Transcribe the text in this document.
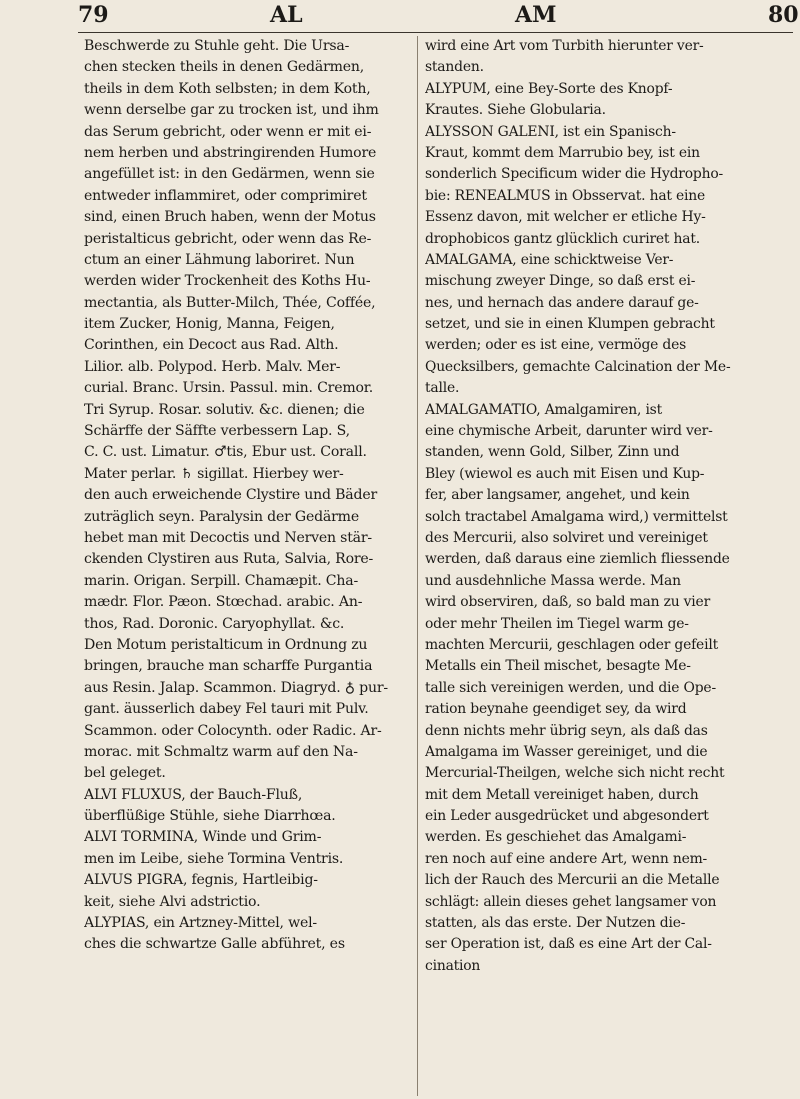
79	AL	AM	80
Beschwerde zu Stuhle geht. Die Ursa-
chen stecken theils in denen Gedärmen,
theils in dem Koth selbsten; in dem Koth,
wenn derselbe gar zu trocken ist, und ihm
das Serum gebricht, oder wenn er mit ei-
nem herben und abstringirenden Humore
angefüllet ist: in den Gedärmen, wenn sie
entweder inflammiret, oder comprimiret
sind, einen Bruch haben, wenn der Motus
peristalticus gebricht, oder wenn das Re-
ctum an einer Lähmung laboriret. Nun
werden wider Trockenheit des Koths Hu-
mectantia, als Butter-Milch, Thée, Coffée,
item Zucker, Honig, Manna, Feigen,
Corinthen, ein Decoct aus Rad. Alth.
Lilior. alb. Polypod. Herb. Malv. Mer-
curial. Branc. Ursin. Passul. min. Cremor.
Tri Syrup. Rosar. solutiv. &c. dienen; die
Schärffe der Säffte verbessern Lap. S,
C. C. ust. Limatur. ♂tis, Ebur ust. Corall.
Mater perlar. ♄ sigillat. Hierbey wer-
den auch erweichende Clystire und Bäder
zuträglich seyn. Paralysin der Gedärme
hebet man mit Decoctis und Nerven stär-
ckenden Clystiren aus Ruta, Salvia, Rore-
marin. Origan. Serpill. Chamæpit. Cha-
mædr. Flor. Pæon. Stœchad. arabic. An-
thos, Rad. Doronic. Caryophyllat. &c.
Den Motum peristalticum in Ordnung zu
bringen, brauche man scharffe Purgantia
aus Resin. Jalap. Scammon. Diagryd. ♁ pur-
gant. äusserlich dabey Fel tauri mit Pulv.
Scammon. oder Colocynth. oder Radic. Ar-
morac. mit Schmaltz warm auf den Na-
bel geleget.
ALVI FLUXUS, der Bauch-Fluß,
überflüßige Stühle, siehe Diarrhœa.
ALVI TORMINA, Winde und Grim-
men im Leibe, siehe Tormina Ventris.
ALVUS PIGRA, fegnis, Hartleibig-
keit, siehe Alvi adstrictio.
ALYPIAS, ein Artzney-Mittel, wel-
ches die schwartze Galle abführet, es
wird eine Art vom Turbith hierunter ver-
standen.
ALYPUM, eine Bey-Sorte des Knopf-
Krautes. Siehe Globularia.
ALYSSON GALENI, ist ein Spanisch-
Kraut, kommt dem Marrubio bey, ist ein
sonderlich Specificum wider die Hydropho-
bie: RENEALMUS in Obsservat. hat eine
Essenz davon, mit welcher er etliche Hy-
drophobicos gantz glücklich curiret hat.
AMALGAMA, eine schicktweise Ver-
mischung zweyer Dinge, so daß erst ei-
nes, und hernach das andere darauf ge-
setzet, und sie in einen Klumpen gebracht
werden; oder es ist eine, vermöge des
Quecksilbers, gemachte Calcination der Me-
talle.
AMALGAMATIO, Amalgamiren, ist
eine chymische Arbeit, darunter wird ver-
standen, wenn Gold, Silber, Zinn und
Bley (wiewol es auch mit Eisen und Kup-
fer, aber langsamer, angehet, und kein
solch tractabel Amalgama wird,) vermittelst
des Mercurii, also solviret und vereiniget
werden, daß daraus eine ziemlich fliessende
und ausdehnliche Massa werde. Man
wird observiren, daß, so bald man zu vier
oder mehr Theilen im Tiegel warm ge-
machten Mercurii, geschlagen oder gefeilt
Metalls ein Theil mischet, besagte Me-
talle sich vereinigen werden, und die Ope-
ration beynahe geendiget sey, da wird
denn nichts mehr übrig seyn, als daß das
Amalgama im Wasser gereiniget, und die
Mercurial-Theilgen, welche sich nicht recht
mit dem Metall vereiniget haben, durch
ein Leder ausgedrücket und abgesondert
werden. Es geschiehet das Amalgami-
ren noch auf eine andere Art, wenn nem-
lich der Rauch des Mercurii an die Metalle
schlägt: allein dieses gehet langsamer von
statten, als das erste. Der Nutzen die-
ser Operation ist, daß es eine Art der Cal-
cination
